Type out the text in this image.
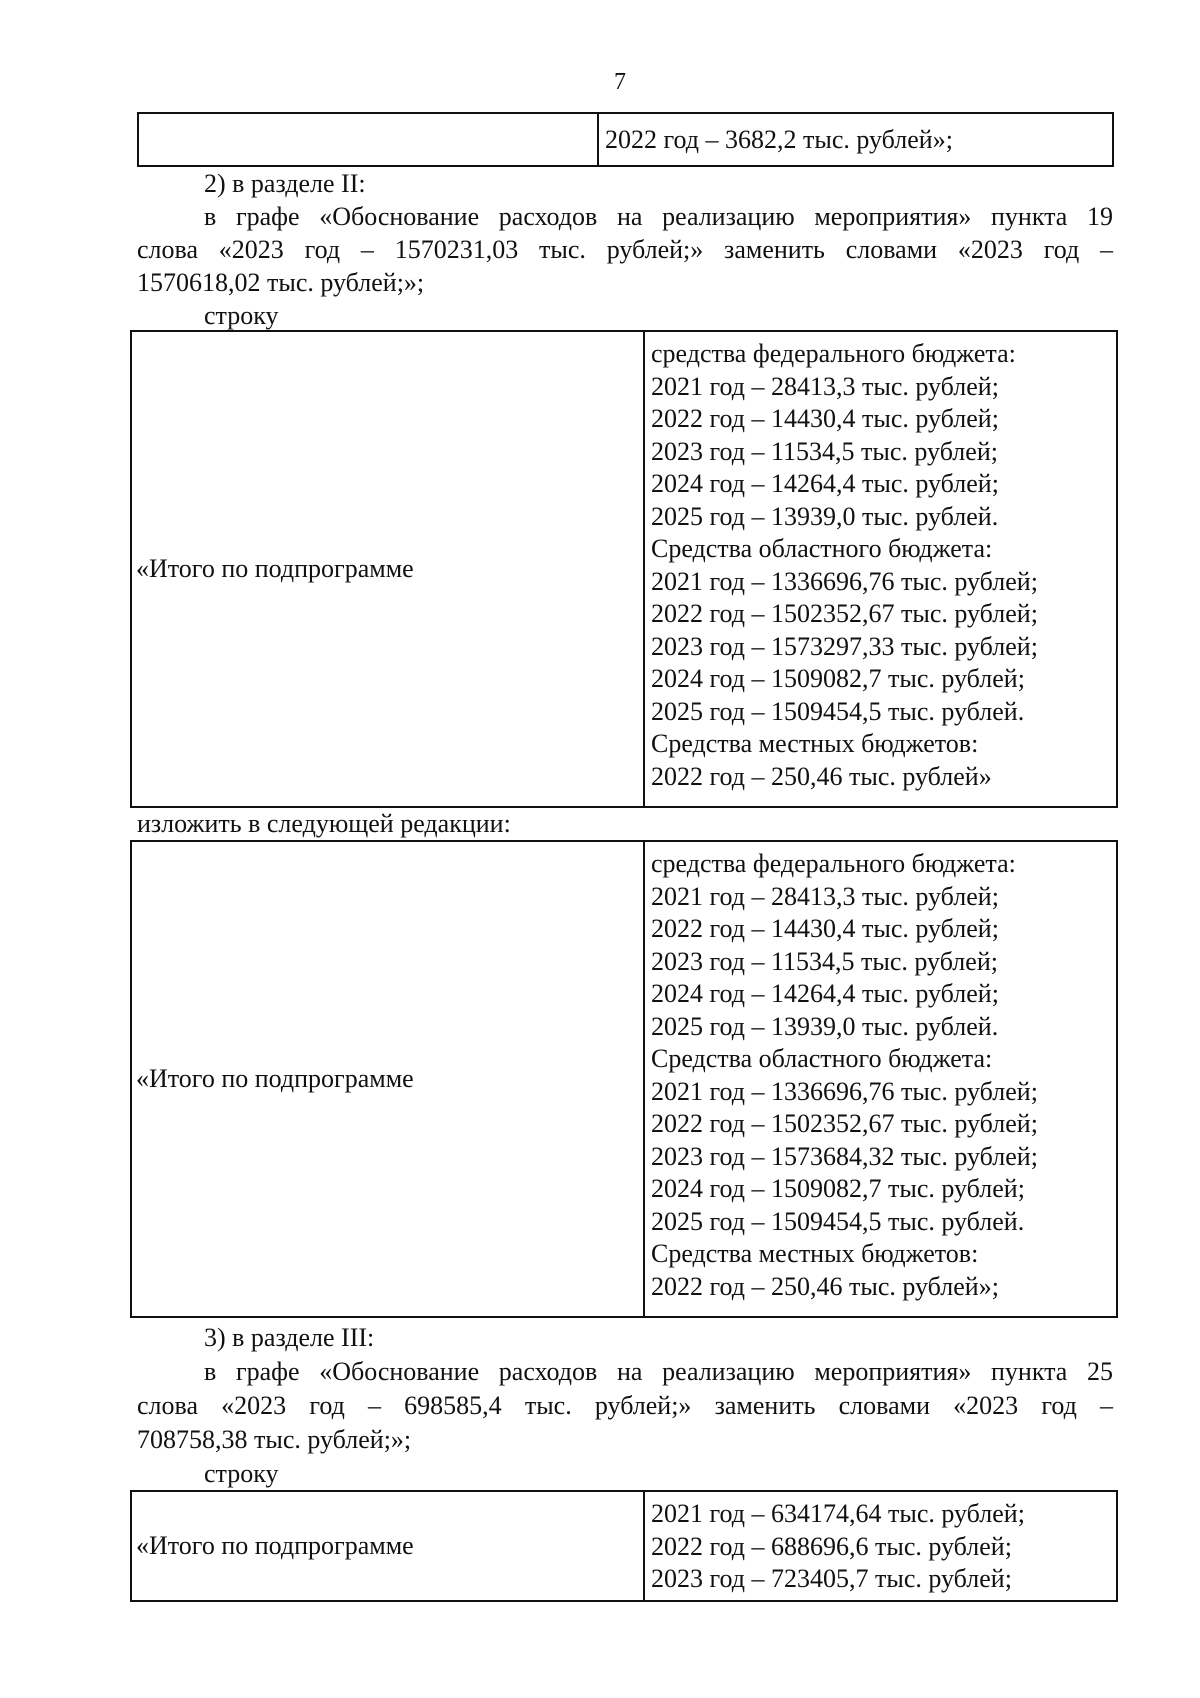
7
2022 год – 3682,2 тыс. рублей»;
2) в разделе II:
в графе «Обоснование расходов на реализацию мероприятия» пункта 19
слова «2023 год – 1570231,03 тыс. рублей;» заменить словами «2023 год –
1570618,02 тыс. рублей;»;
строку
«Итого по подпрограмме
средства федерального бюджета:
2021 год – 28413,3 тыс. рублей;
2022 год – 14430,4 тыс. рублей;
2023 год – 11534,5 тыс. рублей;
2024 год – 14264,4 тыс. рублей;
2025 год – 13939,0 тыс. рублей.
Средства областного бюджета:
2021 год – 1336696,76 тыс. рублей;
2022 год – 1502352,67 тыс. рублей;
2023 год – 1573297,33 тыс. рублей;
2024 год – 1509082,7 тыс. рублей;
2025 год – 1509454,5 тыс. рублей.
Средства местных бюджетов:
2022 год – 250,46 тыс. рублей»
изложить в следующей редакции:
«Итого по подпрограмме
средства федерального бюджета:
2021 год – 28413,3 тыс. рублей;
2022 год – 14430,4 тыс. рублей;
2023 год – 11534,5 тыс. рублей;
2024 год – 14264,4 тыс. рублей;
2025 год – 13939,0 тыс. рублей.
Средства областного бюджета:
2021 год – 1336696,76 тыс. рублей;
2022 год – 1502352,67 тыс. рублей;
2023 год – 1573684,32 тыс. рублей;
2024 год – 1509082,7 тыс. рублей;
2025 год – 1509454,5 тыс. рублей.
Средства местных бюджетов:
2022 год – 250,46 тыс. рублей»;
3) в разделе III:
в графе «Обоснование расходов на реализацию мероприятия» пункта 25
слова «2023 год – 698585,4 тыс. рублей;» заменить словами «2023 год –
708758,38 тыс. рублей;»;
строку
«Итого по подпрограмме
2021 год – 634174,64 тыс. рублей;
2022 год – 688696,6 тыс. рублей;
2023 год – 723405,7 тыс. рублей;
